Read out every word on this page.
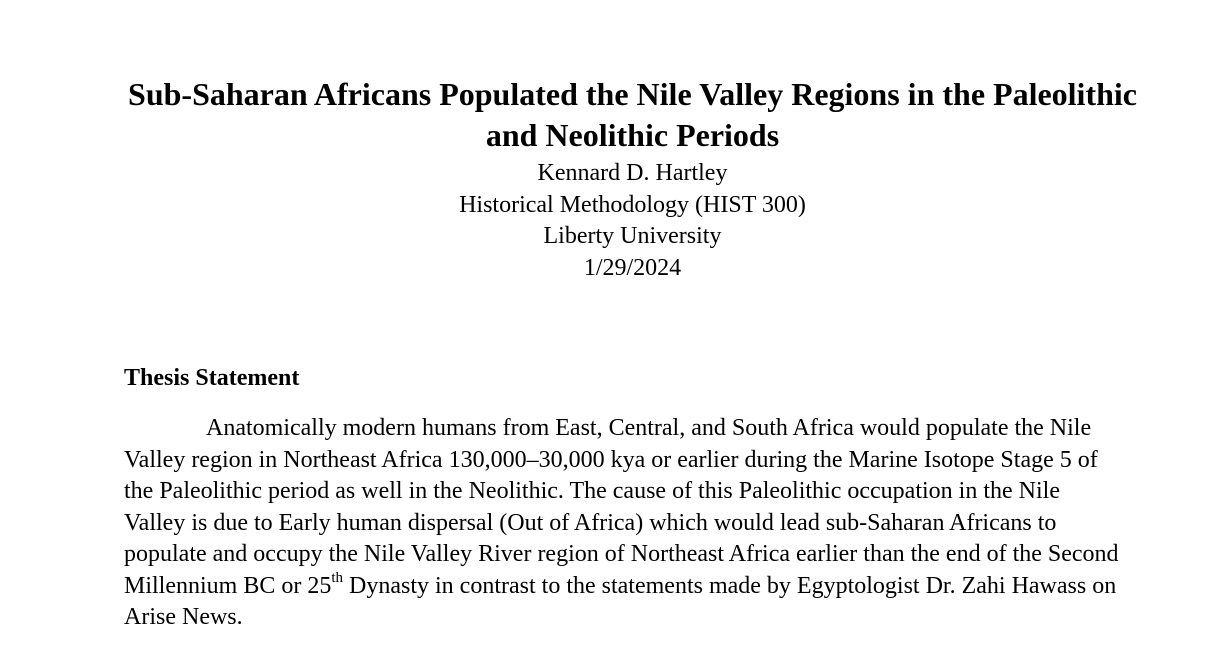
Sub-Saharan Africans Populated the Nile Valley Regions in the Paleolithic and Neolithic Periods
Kennard D. Hartley
Historical Methodology (HIST 300)
Liberty University
1/29/2024
Thesis Statement

Anatomically modern humans from East, Central, and South Africa would populate the Nile Valley region in Northeast Africa 130,000–30,000 kya or earlier during the Marine Isotope Stage 5 of the Paleolithic period as well in the Neolithic. The cause of this Paleolithic occupation in the Nile Valley is due to Early human dispersal (Out of Africa) which would lead sub-Saharan Africans to populate and occupy the Nile Valley River region of Northeast Africa earlier than the end of the Second Millennium BC or 25th Dynasty in contrast to the statements made by Egyptologist Dr. Zahi Hawass on Arise News.
